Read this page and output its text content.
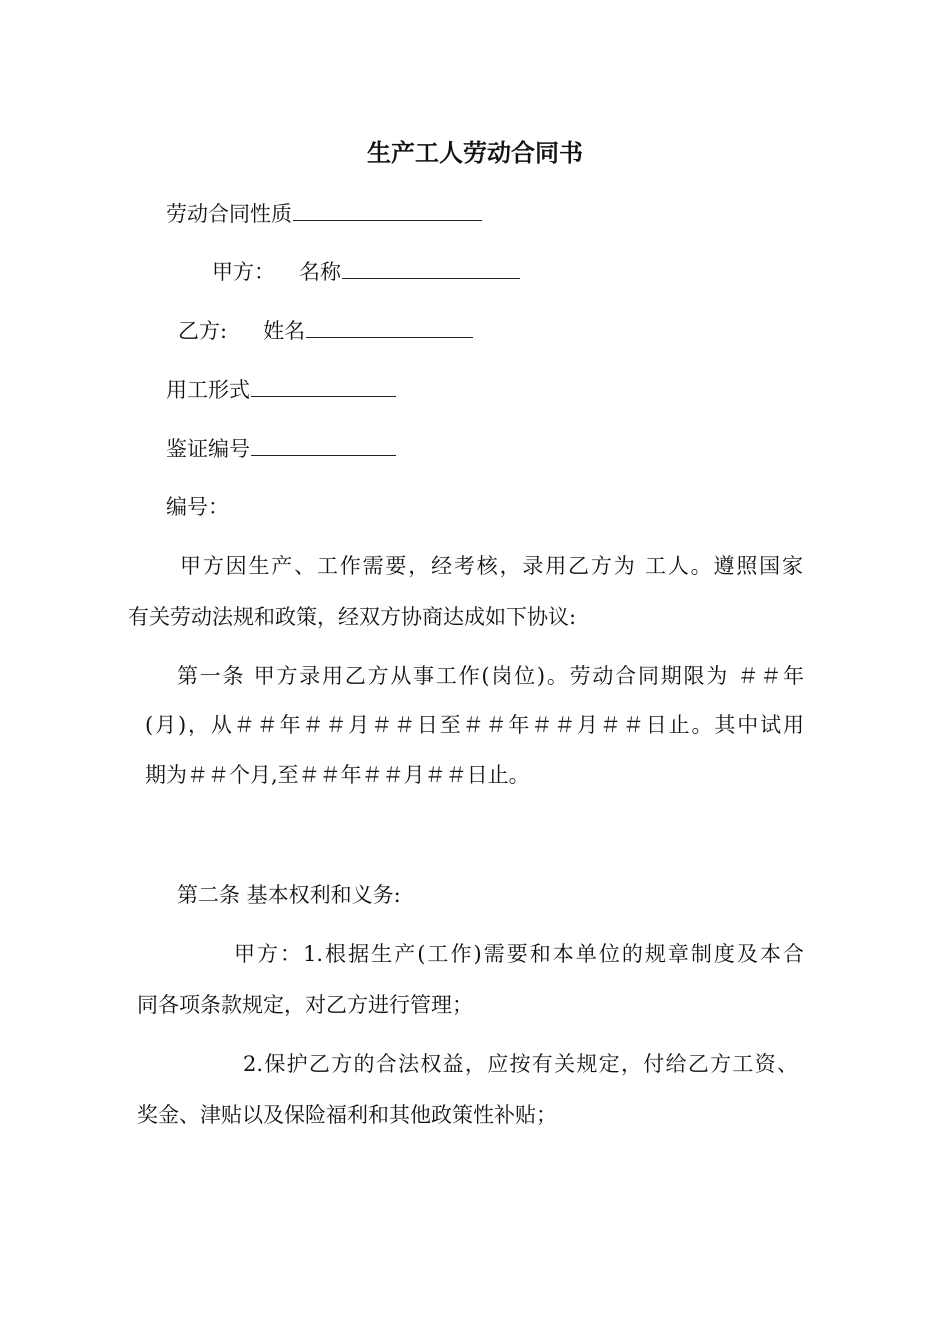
生产工人劳动合同书
劳动合同性质
甲方： 名称
乙方: 姓名
用工形式
鉴证编号
编号：
甲方因生产、工作需要，经考核，录用乙方为 工人。遵照国家
有关劳动法规和政策，经双方协商达成如下协议:
第一条 甲方录用乙方从事工作(岗位)。劳动合同期限为 ＃＃年
(月)，从＃＃年＃＃月＃＃日至＃＃年＃＃月＃＃日止。其中试用
期为＃＃个月,至＃＃年＃＃月＃＃日止。
第二条 基本权利和义务:
甲方：1.根据生产(工作)需要和本单位的规章制度及本合
同各项条款规定，对乙方进行管理；
2.保护乙方的合法权益，应按有关规定，付给乙方工资、
奖金、津贴以及保险福利和其他政策性补贴；
